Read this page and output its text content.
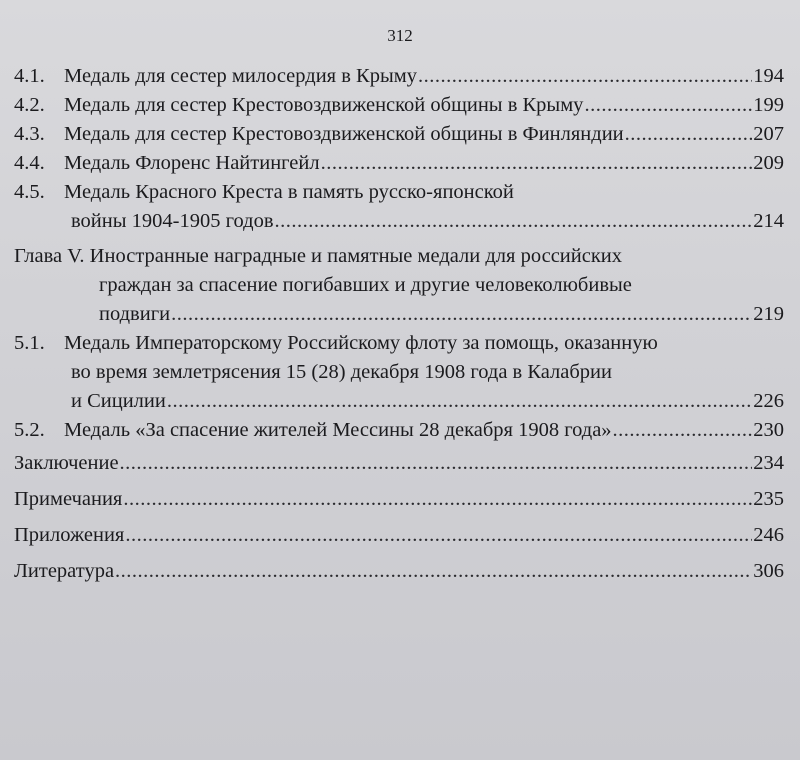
312
4.1. Медаль для сестер милосердия в Крыму .....	194
4.2. Медаль для сестер Крестовоздвиженской общины в Крыму .....	199
4.3. Медаль для сестер Крестовоздвиженской общины в Финляндии .....	207
4.4. Медаль Флоренс Найтингейл .....	209
4.5. Медаль Красного Креста в память русско-японской
войны 1904-1905 годов .....	214
Глава V. Иностранные наградные и памятные медали для российских
граждан за спасение погибавших и другие человеколюбивые
подвиги .....	219
5.1. Медаль Императорскому Российскому флоту за помощь, оказанную
во время землетрясения 15 (28) декабря 1908 года в Калабрии
и Сицилии .....	226
5.2. Медаль «За спасение жителей Мессины 28 декабря 1908 года» .....	230
Заключение .....	234
Примечания .....	235
Приложения .....	246
Литература .....	306
